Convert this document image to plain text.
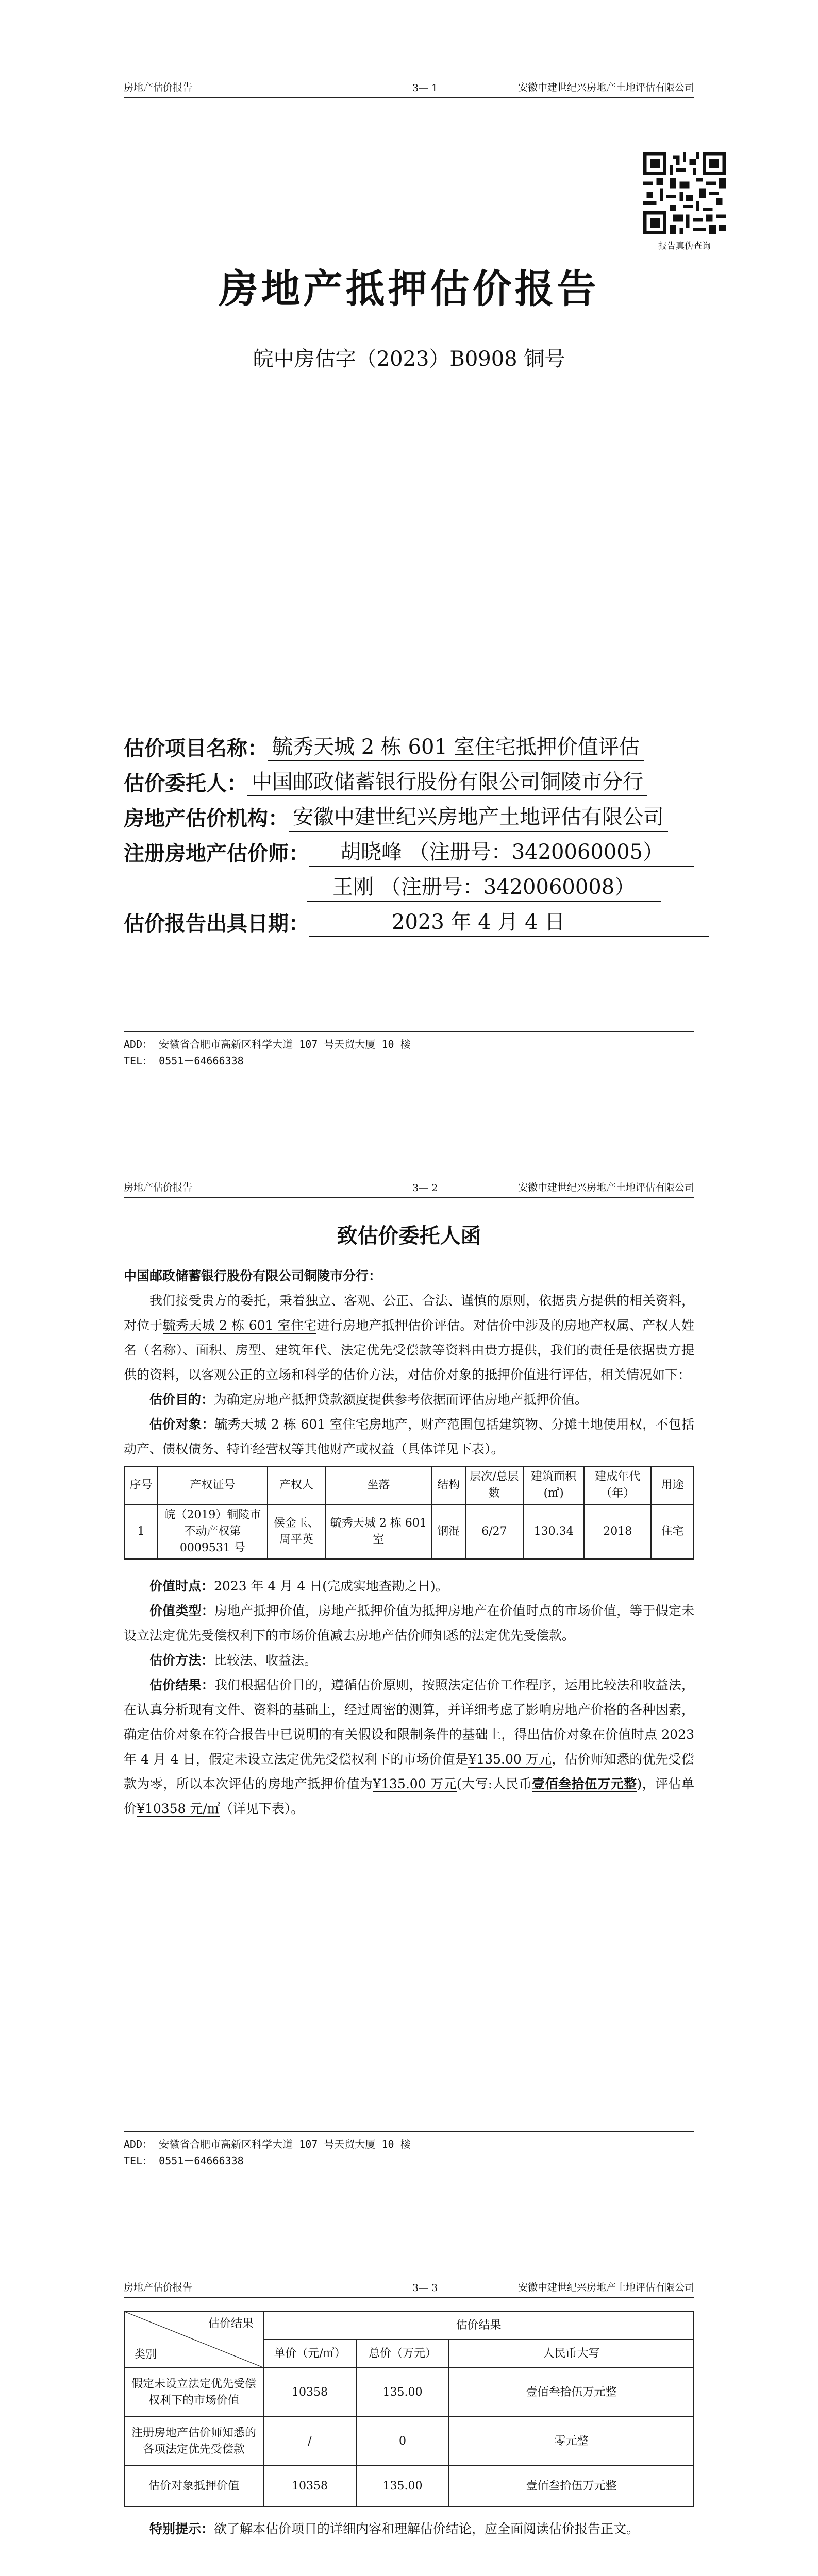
房地产估价报告	3— 1	安徽中建世纪兴房地产土地评估有限公司
报告真伪查询
房地产抵押估价报告
皖中房估字（2023）B0908 铜号
估价项目名称： 毓秀天城 2 栋 601 室住宅抵押价值评估
估价委托人： 中国邮政储蓄银行股份有限公司铜陵市分行
房地产估价机构： 安徽中建世纪兴房地产土地评估有限公司
注册房地产估价师：	胡晓峰 （注册号：3420060005）
王刚 （注册号：3420060008）
估价报告出具日期：	2023 年 4 月 4 日
ADD： 安徽省合肥市高新区科学大道 107 号天贸大厦 10 楼
TEL： 0551－64666338
房地产估价报告	3— 2	安徽中建世纪兴房地产土地评估有限公司
致估价委托人函

中国邮政储蓄银行股份有限公司铜陵市分行：

我们接受贵方的委托，秉着独立、客观、公正、合法、谨慎的原则，依据贵方提供的相关资料，对位于毓秀天城 2 栋 601 室住宅进行房地产抵押估价评估。对估价中涉及的房地产权属、产权人姓名（名称）、面积、房型、建筑年代、法定优先受偿款等资料由贵方提供，我们的责任是依据贵方提供的资料，以客观公正的立场和科学的估价方法，对估价对象的抵押价值进行评估，相关情况如下：

估价目的：为确定房地产抵押贷款额度提供参考依据而评估房地产抵押价值。

估价对象：毓秀天城 2 栋 601 室住宅房地产，财产范围包括建筑物、分摊土地使用权，不包括动产、债权债务、特许经营权等其他财产或权益（具体详见下表）。

序号	产权证号	产权人	坐落	结构	层次/总层数	建筑面积(㎡)	建成年代（年）	用途
1	皖（2019）铜陵市不动产权第 0009531 号	侯金玉、周平英	毓秀天城 2 栋 601 室	钢混	6/27	130.34	2018	住宅

价值时点：2023 年 4 月 4 日(完成实地查勘之日)。

价值类型：房地产抵押价值，房地产抵押价值为抵押房地产在价值时点的市场价值，等于假定未设立法定优先受偿权利下的市场价值减去房地产估价师知悉的法定优先受偿款。

估价方法：比较法、收益法。

估价结果：我们根据估价目的，遵循估价原则，按照法定估价工作程序，运用比较法和收益法，在认真分析现有文件、资料的基础上，经过周密的测算，并详细考虑了影响房地产价格的各种因素，确定估价对象在符合报告中已说明的有关假设和限制条件的基础上，得出估价对象在价值时点 2023 年 4 月 4 日，假定未设立法定优先受偿权利下的市场价值是¥135.00 万元，估价师知悉的优先受偿款为零，所以本次评估的房地产抵押价值为¥135.00 万元(大写:人民币壹佰叁拾伍万元整)，评估单价¥10358 元/㎡（详见下表）。

ADD： 安徽省合肥市高新区科学大道 107 号天贸大厦 10 楼
TEL： 0551－64666338
房地产估价报告	3— 3	安徽中建世纪兴房地产土地评估有限公司
估价结果
类别	估价结果		
	单价（元/㎡）	总价（万元）	人民币大写
假定未设立法定优先受偿权利下的市场价值	10358	135.00	壹佰叁拾伍万元整
注册房地产估价师知悉的各项法定优先受偿款	/	0	零元整
估价对象抵押价值	10358	135.00	壹佰叁拾伍万元整

特别提示：欲了解本估价项目的详细内容和理解估价结论，应全面阅读估价报告正文。
